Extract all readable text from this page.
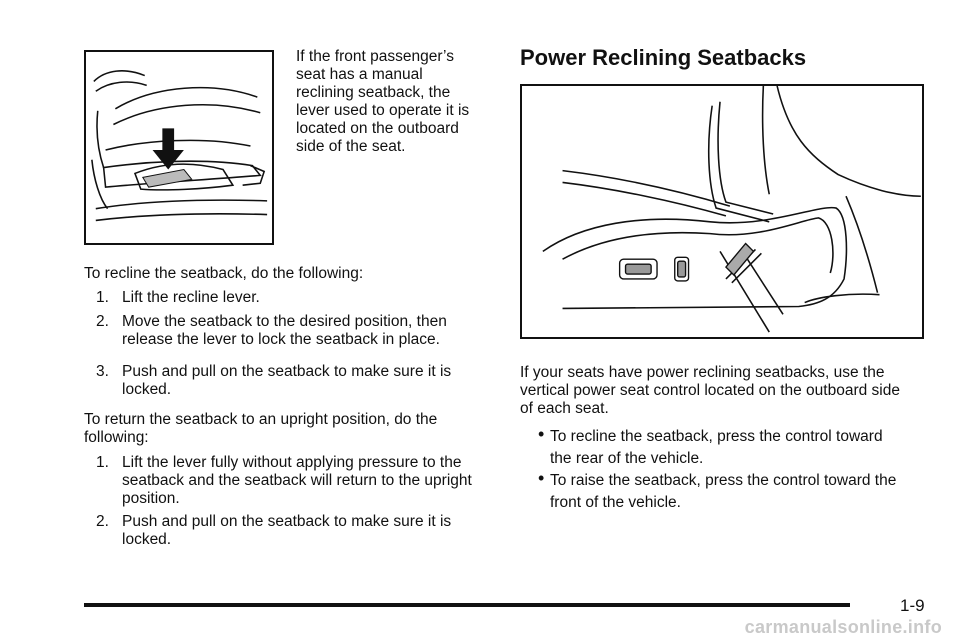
If the front passenger’s
seat has a manual
reclining seatback, the
lever used to operate it is
located on the outboard
side of the seat.

To recline the seatback, do the following:

1. Lift the recline lever.
2. Move the seatback to the desired position, then
release the lever to lock the seatback in place.
3. Push and pull on the seatback to make sure it is
locked.

To return the seatback to an upright position, do the

following:

1. Lift the lever fully without applying pressure to the
seatback and the seatback will return to the upright
position.
2. Push and pull on the seatback to make sure it is
locked.
Power Reclining Seatbacks

If your seats have power reclining seatbacks, use the

vertical power seat control located on the outboard side

of each seat.

• To recline the seatback, press the control toward
the rear of the vehicle.
• To raise the seatback, press the control toward the
front of the vehicle.
1-9
carmanualsonline.info
